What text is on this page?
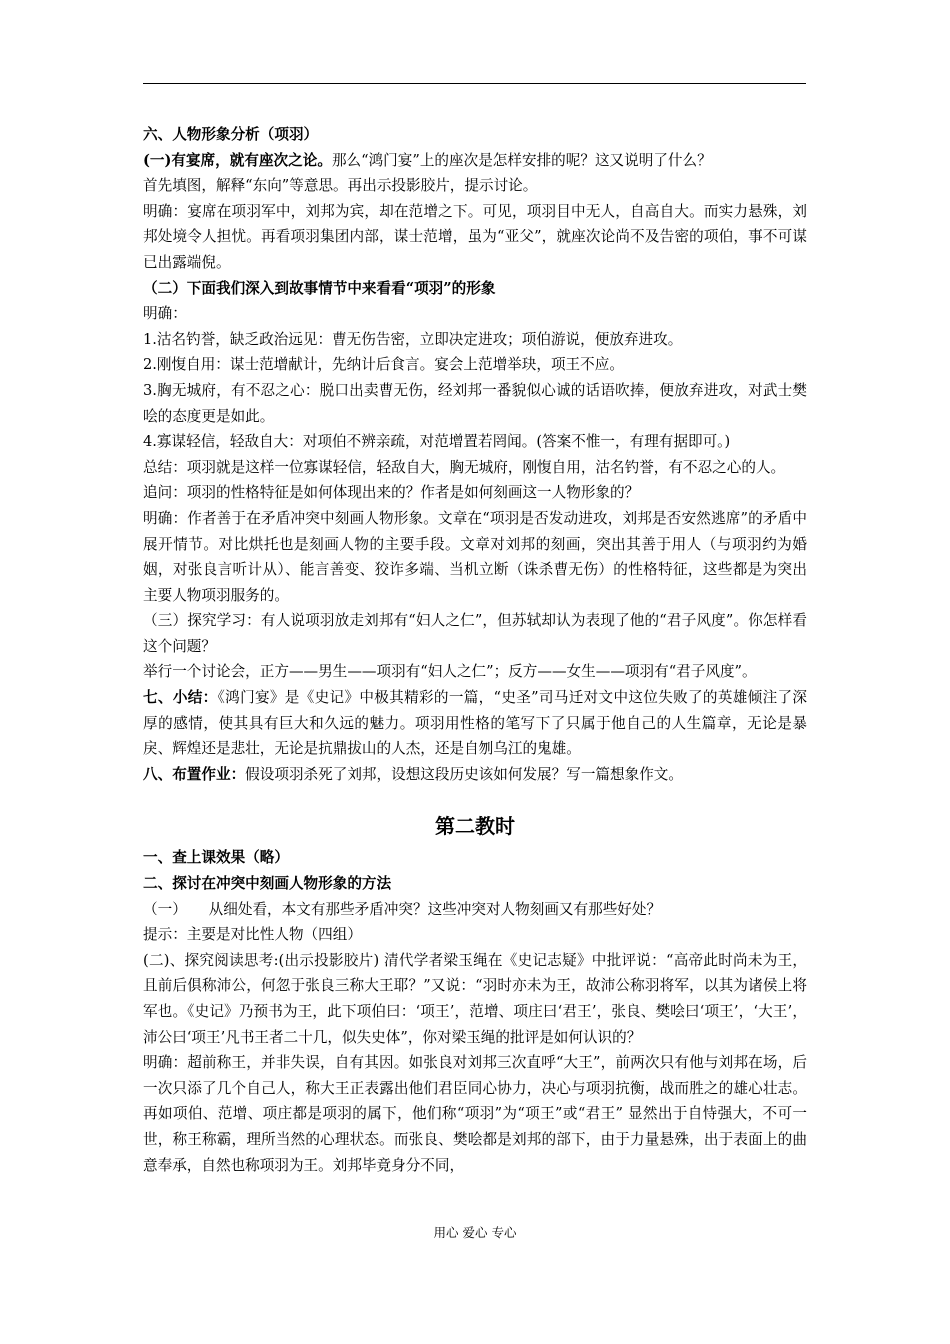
六、人物形象分析（项羽）

(一)有宴席，就有座次之论。那么“鸿门宴”上的座次是怎样安排的呢？这又说明了什么？

首先填图，解释“东向”等意思。再出示投影胶片，提示讨论。

明确：宴席在项羽军中，刘邦为宾，却在范增之下。可见，项羽目中无人，自高自大。而实力悬殊，刘邦处境令人担忧。再看项羽集团内部，谋士范增，虽为“亚父”，就座次论尚不及告密的项伯，事不可谋已出露端倪。

（二）下面我们深入到故事情节中来看看“项羽”的形象

明确：

1.沽名钓誉，缺乏政治远见：曹无伤告密，立即决定进攻；项伯游说，便放弃进攻。

2.刚愎自用：谋士范增献计，先纳计后食言。宴会上范增举玦，项王不应。

3.胸无城府，有不忍之心：脱口出卖曹无伤，经刘邦一番貌似心诚的话语吹捧，便放弃进攻，对武士樊哙的态度更是如此。

4.寡谋轻信，轻敌自大：对项伯不辨亲疏，对范增置若罔闻。(答案不惟一，有理有据即可。)

总结：项羽就是这样一位寡谋轻信，轻敌自大，胸无城府，刚愎自用，沽名钓誉，有不忍之心的人。

追问：项羽的性格特征是如何体现出来的？作者是如何刻画这一人物形象的？

明确：作者善于在矛盾冲突中刻画人物形象。文章在“项羽是否发动进攻，刘邦是否安然逃席”的矛盾中展开情节。对比烘托也是刻画人物的主要手段。文章对刘邦的刻画，突出其善于用人（与项羽约为婚姻，对张良言听计从）、能言善变、狡诈多端、当机立断（诛杀曹无伤）的性格特征，这些都是为突出主要人物项羽服务的。

（三）探究学习：有人说项羽放走刘邦有“妇人之仁”，但苏轼却认为表现了他的“君子风度”。你怎样看这个问题？

举行一个讨论会，正方——男生——项羽有“妇人之仁”；反方——女生——项羽有“君子风度”。

七、小结：《鸿门宴》是《史记》中极其精彩的一篇，“史圣”司马迁对文中这位失败了的英雄倾注了深厚的感情，使其具有巨大和久远的魅力。项羽用性格的笔写下了只属于他自己的人生篇章，无论是暴戾、辉煌还是悲壮，无论是抗鼎拔山的人杰，还是自刎乌江的鬼雄。

八、布置作业：假设项羽杀死了刘邦，设想这段历史该如何发展？写一篇想象作文。

第二教时

一、查上课效果（略）

二、探讨在冲突中刻画人物形象的方法

（一）　　从细处看，本文有那些矛盾冲突？这些冲突对人物刻画又有那些好处？

提示：主要是对比性人物（四组）

(二)、探究阅读思考:(出示投影胶片) 清代学者梁玉绳在《史记志疑》中批评说：“高帝此时尚未为王，且前后俱称沛公，何忽于张良三称大王耶？”又说：“羽时亦未为王，故沛公称羽将军，以其为诸侯上将军也。《史记》乃预书为王，此下项伯曰：‘项王’，范增、项庄曰‘君王’，张良、樊哙曰‘项王’，‘大王’，沛公曰‘项王’凡书王者二十几，似失史体”，你对梁玉绳的批评是如何认识的？

明确：超前称王，并非失误，自有其因。如张良对刘邦三次直呼“大王”，前两次只有他与刘邦在场，后一次只添了几个自己人，称大王正表露出他们君臣同心协力，决心与项羽抗衡，战而胜之的雄心壮志。再如项伯、范增、项庄都是项羽的属下，他们称“项羽”为“项王”或“君王” 显然出于自恃强大，不可一世，称王称霸，理所当然的心理状态。而张良、樊哙都是刘邦的部下，由于力量悬殊，出于表面上的曲意奉承，自然也称项羽为王。刘邦毕竟身分不同，

用心 爱心 专心
